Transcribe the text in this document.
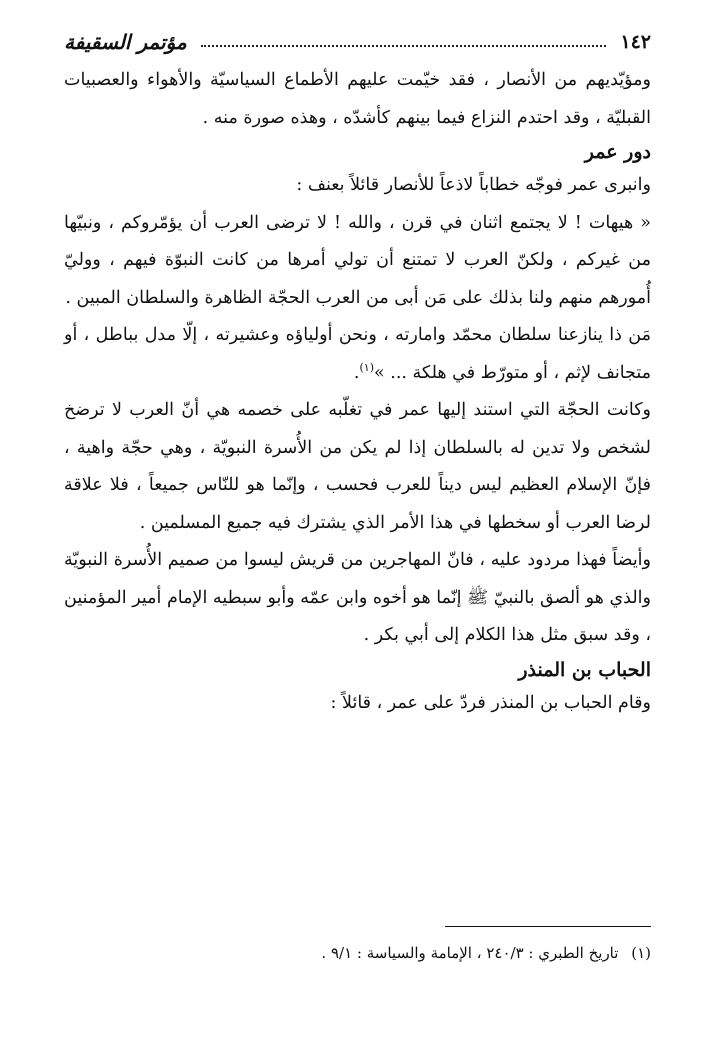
١٤٢
مؤتمر السقيفة

ومؤيّديهم من الأنصار ، فقد خيّمت عليهم الأطماع السياسيّة والأهواء والعصبيات القبليّة ، وقد احتدم النزاع فيما بينهم كأشدّه ، وهذه صورة منه .

دور عمر

وانبرى عمر فوجّه خطاباً لاذعاً للأنصار قائلاً بعنف :

« هيهات ! لا يجتمع اثنان في قرن ، والله ! لا ترضى العرب أن يؤمّروكم ، ونبيّها من غيركم ، ولكنّ العرب لا تمتنع أن تولي أمرها من كانت النبوّة فيهم ، ووليّ أُمورهم منهم ولنا بذلك على مَن أبى من العرب الحجّة الظاهرة والسلطان المبين .

مَن ذا ينازعنا سلطان محمّد وامارته ، ونحن أولياؤه وعشيرته ، إلّا مدل بباطل ، أو متجانف لإثم ، أو متورّط في هلكة ... »$^{(١)}$.

وكانت الحجّة التي استند إليها عمر في تغلّبه على خصمه هي أنّ العرب لا ترضخ لشخص ولا تدين له بالسلطان إذا لم يكن من الأُسرة النبويّة ، وهي حجّة واهية ، فإنّ الإسلام العظيم ليس ديناً للعرب فحسب ، وإنّما هو للنّاس جميعاً ، فلا علاقة لرضا العرب أو سخطها في هذا الأمر الذي يشترك فيه جميع المسلمين .

وأيضاً فهذا مردود عليه ، فانّ المهاجرين من قريش ليسوا من صميم الأُسرة النبويّة والذي هو ألصق بالنبيّ ﷺ إنّما هو أخوه وابن عمّه وأبو سبطيه الإمام أمير المؤمنين ، وقد سبق مثل هذا الكلام إلى أبي بكر .

الحباب بن المنذر

وقام الحباب بن المنذر فردّ على عمر ، قائلاً :

(١) تاريخ الطبري : ٢٤٠/٣ ، الإمامة والسياسة : ٩/١ .
